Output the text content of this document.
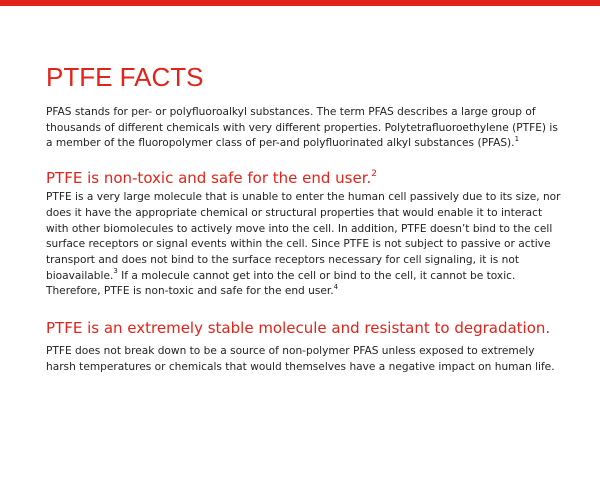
PTFE FACTS

PFAS stands for per- or polyfluoroalkyl substances. The term PFAS describes a large group of thousands of different chemicals with very different properties. Polytetrafluoroethylene (PTFE) is a member of the fluoropolymer class of per-and polyfluorinated alkyl substances (PFAS).$^1$

PTFE is non-toxic and safe for the end user.$^2$

PTFE is a very large molecule that is unable to enter the human cell passively due to its size, nor does it have the appropriate chemical or structural properties that would enable it to interact with other biomolecules to actively move into the cell. In addition, PTFE doesn’t bind to the cell surface receptors or signal events within the cell. Since PTFE is not subject to passive or active transport and does not bind to the surface receptors necessary for cell signaling, it is not bioavailable.$^3$ If a molecule cannot get into the cell or bind to the cell, it cannot be toxic. Therefore, PTFE is non-toxic and safe for the end user.$^4$

PTFE is an extremely stable molecule and resistant to degradation.

PTFE does not break down to be a source of non-polymer PFAS unless exposed to extremely harsh temperatures or chemicals that would themselves have a negative impact on human life.
